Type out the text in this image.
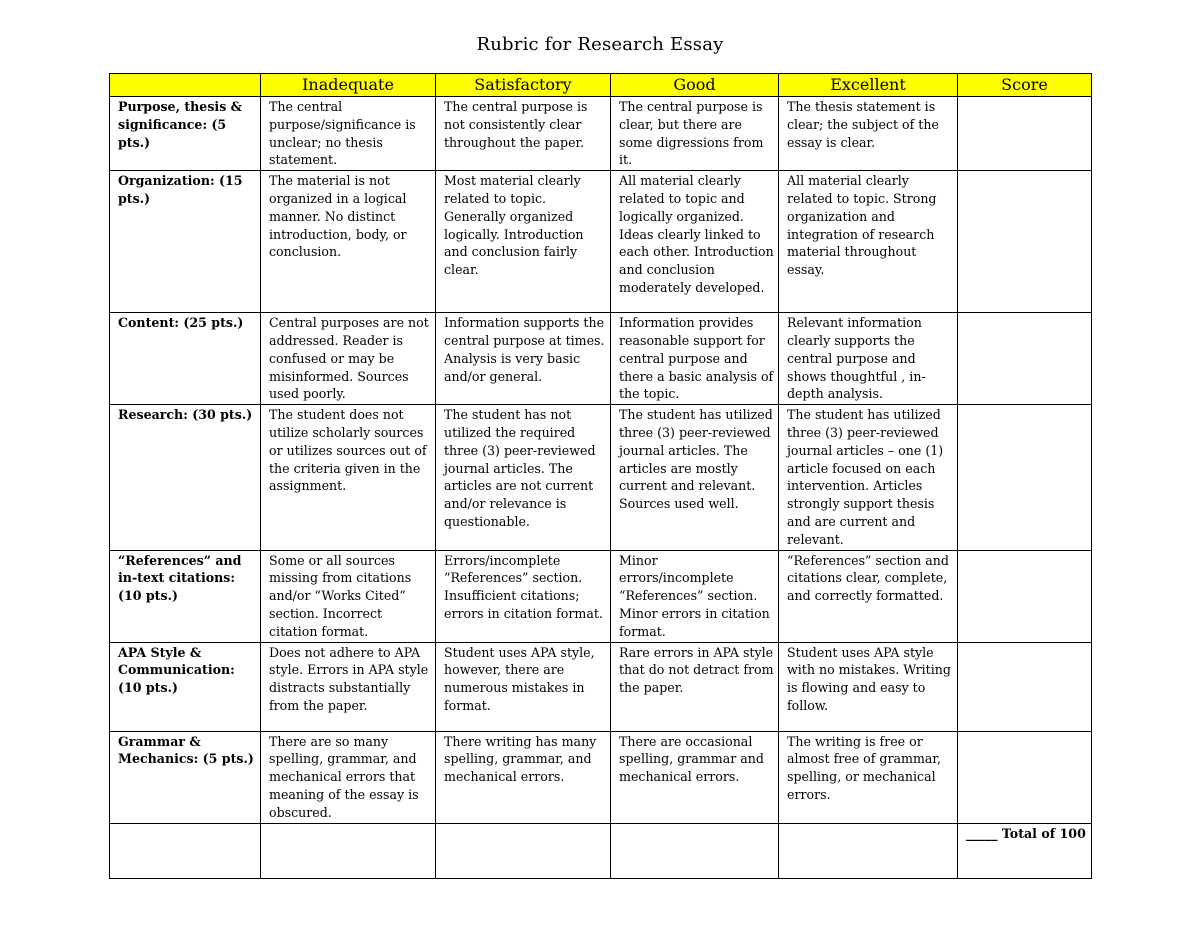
Rubric for Research Essay
	Inadequate	Satisfactory	Good	Excellent	Score
Purpose, thesis & significance: (5 pts.)	The central purpose/significance is unclear; no thesis statement.	The central purpose is not consistently clear throughout the paper.	The central purpose is clear, but there are some digressions from it.	The thesis statement is clear; the subject of the essay is clear.	
Organization: (15 pts.)	The material is not organized in a logical manner. No distinct introduction, body, or conclusion.	Most material clearly related to topic. Generally organized logically. Introduction and conclusion fairly clear.	All material clearly related to topic and logically organized. Ideas clearly linked to each other. Introduction and conclusion moderately developed.	All material clearly related to topic. Strong organization and integration of research material throughout essay.	
Content: (25 pts.)	Central purposes are not addressed. Reader is confused or may be misinformed. Sources used poorly.	Information supports the central purpose at times. Analysis is very basic and/or general.	Information provides reasonable support for central purpose and there a basic analysis of the topic.	Relevant information clearly supports the central purpose and shows thoughtful , in-depth analysis.	
Research: (30 pts.)	The student does not utilize scholarly sources or utilizes sources out of the criteria given in the assignment.	The student has not utilized the required three (3) peer-reviewed journal articles. The articles are not current and/or relevance is questionable.	The student has utilized three (3) peer-reviewed journal articles. The articles are mostly current and relevant. Sources used well.	The student has utilized three (3) peer-reviewed journal articles – one (1) article focused on each intervention. Articles strongly support thesis and are current and relevant.	
“References” and in-text citations: (10 pts.)	Some or all sources missing from citations and/or “Works Cited” section. Incorrect citation format.	Errors/incomplete “References” section. Insufficient citations; errors in citation format.	Minor errors/incomplete “References” section. Minor errors in citation format.	“References” section and citations clear, complete, and correctly formatted.	
APA Style & Communication: (10 pts.)	Does not adhere to APA style. Errors in APA style distracts substantially from the paper.	Student uses APA style, however, there are numerous mistakes in format.	Rare errors in APA style that do not detract from the paper.	Student uses APA style with no mistakes. Writing is flowing and easy to follow.	
Grammar & Mechanics: (5 pts.)	There are so many spelling, grammar, and mechanical errors that meaning of the essay is obscured.	There writing has many spelling, grammar, and mechanical errors.	There are occasional spelling, grammar and mechanical errors.	The writing is free or almost free of grammar, spelling, or mechanical errors.	
					_____ Total of 100
